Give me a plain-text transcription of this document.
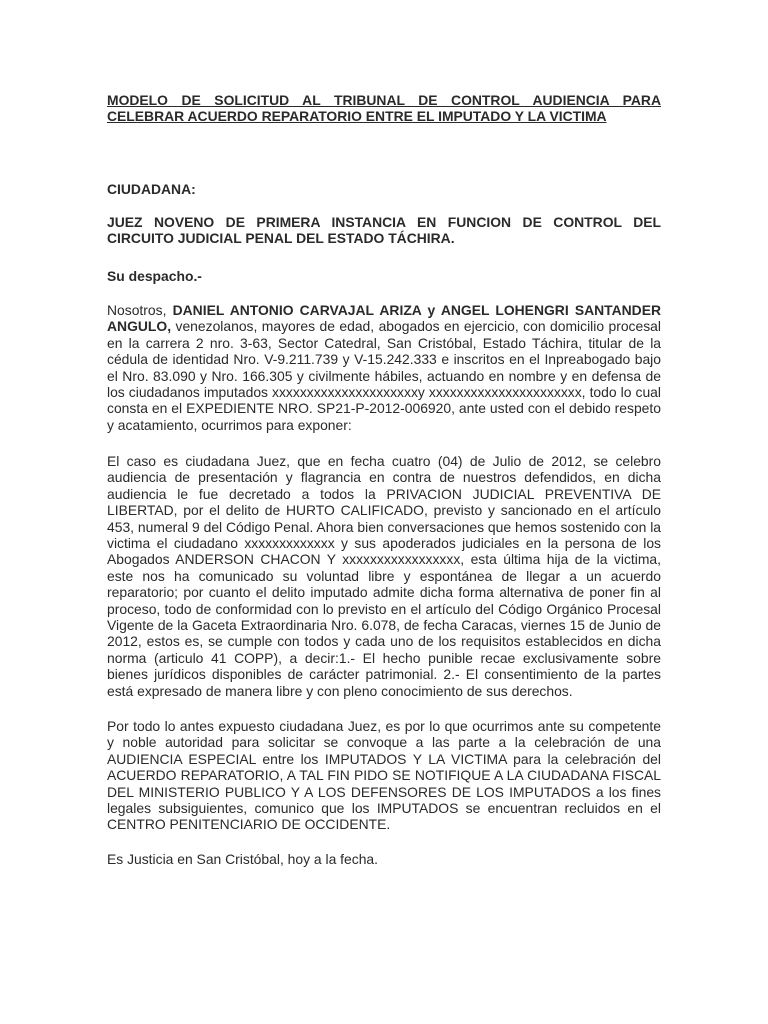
MODELO DE SOLICITUD AL TRIBUNAL DE CONTROL AUDIENCIA PARA CELEBRAR ACUERDO REPARATORIO ENTRE EL IMPUTADO Y LA VICTIMA

CIUDADANA:

JUEZ NOVENO DE PRIMERA INSTANCIA EN FUNCION DE CONTROL DEL CIRCUITO JUDICIAL PENAL DEL ESTADO TÁCHIRA.

Su despacho.-

Nosotros, DANIEL ANTONIO CARVAJAL ARIZA y ANGEL LOHENGRI SANTANDER ANGULO, venezolanos, mayores de edad, abogados en ejercicio, con domicilio procesal en la carrera 2 nro. 3-63, Sector Catedral, San Cristóbal, Estado Táchira, titular de la cédula de identidad Nro. V-9.211.739 y V-15.242.333 e inscritos en el Inpreabogado bajo el Nro. 83.090 y Nro. 166.305 y civilmente hábiles, actuando en nombre y en defensa de los ciudadanos imputados xxxxxxxxxxxxxxxxxxxxxy xxxxxxxxxxxxxxxxxxxxxx, todo lo cual consta en el EXPEDIENTE NRO. SP21-P-2012-006920, ante usted con el debido respeto y acatamiento, ocurrimos para exponer:

El caso es ciudadana Juez, que en fecha cuatro (04) de Julio de 2012, se celebro audiencia de presentación y flagrancia en contra de nuestros defendidos, en dicha audiencia le fue decretado a todos la PRIVACION JUDICIAL PREVENTIVA DE LIBERTAD, por el delito de HURTO CALIFICADO, previsto y sancionado en el artículo 453, numeral 9 del Código Penal. Ahora bien conversaciones que hemos sostenido con la victima el ciudadano xxxxxxxxxxxxx y sus apoderados judiciales en la persona de los Abogados ANDERSON CHACON Y xxxxxxxxxxxxxxxxx, esta última hija de la victima, este nos ha comunicado su voluntad libre y espontánea de llegar a un acuerdo reparatorio; por cuanto el delito imputado admite dicha forma alternativa de poner fin al proceso, todo de conformidad con lo previsto en el artículo del Código Orgánico Procesal Vigente de la Gaceta Extraordinaria Nro. 6.078, de fecha Caracas, viernes 15 de Junio de 2012, estos es, se cumple con todos y cada uno de los requisitos establecidos en dicha norma (articulo 41 COPP), a decir:1.- El hecho punible recae exclusivamente sobre bienes jurídicos disponibles de carácter patrimonial. 2.- El consentimiento de la partes está expresado de manera libre y con pleno conocimiento de sus derechos.

Por todo lo antes expuesto ciudadana Juez, es por lo que ocurrimos ante su competente y noble autoridad para solicitar se convoque a las parte a la celebración de una AUDIENCIA ESPECIAL entre los IMPUTADOS Y LA VICTIMA para la celebración del ACUERDO REPARATORIO, A TAL FIN PIDO SE NOTIFIQUE A LA CIUDADANA FISCAL DEL MINISTERIO PUBLICO Y A LOS DEFENSORES DE LOS IMPUTADOS a los fines legales subsiguientes, comunico que los IMPUTADOS se encuentran recluidos en el CENTRO PENITENCIARIO DE OCCIDENTE.

Es Justicia en San Cristóbal, hoy a la fecha.
